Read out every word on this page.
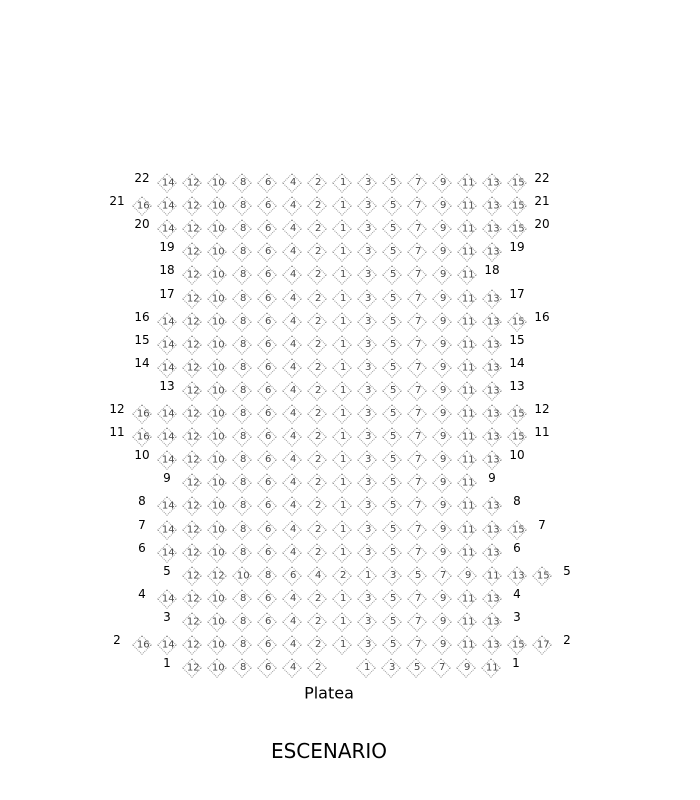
22 14 12 10 8 6 4 2 1 3 5 7 9 11 13 15 22
21 16 14 12 10 8 6 4 2 1 3 5 7 9 11 13 15 21
20 14 12 10 8 6 4 2 1 3 5 7 9 11 13 15 20
19 12 10 8 6 4 2 1 3 5 7 9 11 13 19
18 12 10 8 6 4 2 1 3 5 7 9 11 18
17 12 10 8 6 4 2 1 3 5 7 9 11 13 17
16 14 12 10 8 6 4 2 1 3 5 7 9 11 13 15 16
15 14 12 10 8 6 4 2 1 3 5 7 9 11 13 15
14 14 12 10 8 6 4 2 1 3 5 7 9 11 13 14
13 12 10 8 6 4 2 1 3 5 7 9 11 13 13
12 16 14 12 10 8 6 4 2 1 3 5 7 9 11 13 15 12
11 16 14 12 10 8 6 4 2 1 3 5 7 9 11 13 15 11
10 14 12 10 8 6 4 2 1 3 5 7 9 11 13 10
9 12 10 8 6 4 2 1 3 5 7 9 11 9
8 14 12 10 8 6 4 2 1 3 5 7 9 11 13 8
7 14 12 10 8 6 4 2 1 3 5 7 9 11 13 15 7
6 14 12 10 8 6 4 2 1 3 5 7 9 11 13 6
5 12 12 10 8 6 4 2 1 3 5 7 9 11 13 15 5
4 14 12 10 8 6 4 2 1 3 5 7 9 11 13 4
3 12 10 8 6 4 2 1 3 5 7 9 11 13 3
2 16 14 12 10 8 6 4 2 1 3 5 7 9 11 13 15 17 2
1 12 10 8 6 4 2	1 3 5 7 9 11 1
Platea
ESCENARIO
